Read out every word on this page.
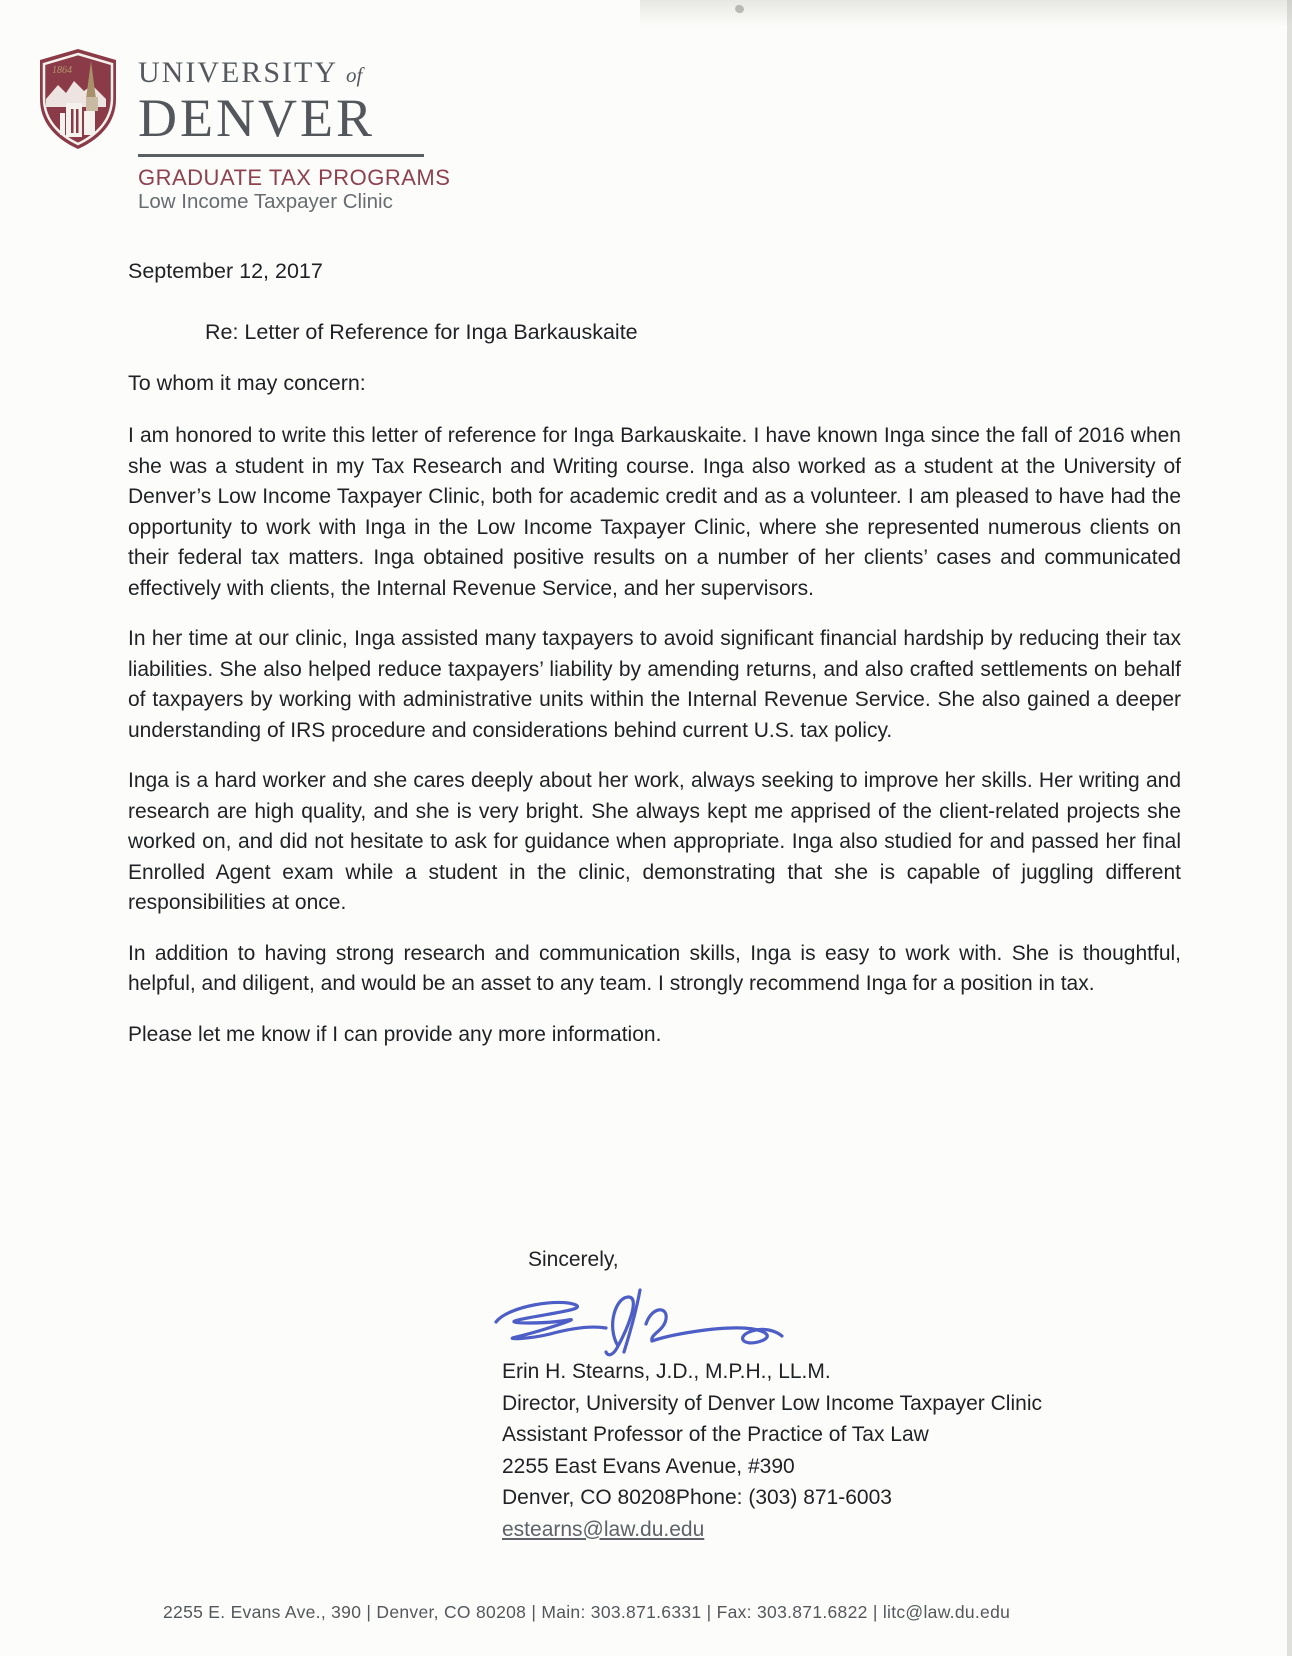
1864 UNIVERSITY  of
DENVER
GRADUATE TAX PROGRAMS
Low Income Taxpayer Clinic
September 12, 2017
Re: Letter of Reference for Inga Barkauskaite
To whom it may concern:

I am honored to write this letter of reference for Inga Barkauskaite. I have known Inga since the fall of 2016 when she was a student in my Tax Research and Writing course. Inga also worked as a student at the University of Denver’s Low Income Taxpayer Clinic, both for academic credit and as a volunteer. I am pleased to have had the opportunity to work with Inga in the Low Income Taxpayer Clinic, where she represented numerous clients on their federal tax matters. Inga obtained positive results on a number of her clients’ cases and communicated effectively with clients, the Internal Revenue Service, and her supervisors.

In her time at our clinic, Inga assisted many taxpayers to avoid significant financial hardship by reducing their tax liabilities. She also helped reduce taxpayers’ liability by amending returns, and also crafted settlements on behalf of taxpayers by working with administrative units within the Internal Revenue Service. She also gained a deeper understanding of IRS procedure and considerations behind current U.S. tax policy.

Inga is a hard worker and she cares deeply about her work, always seeking to improve her skills. Her writing and research are high quality, and she is very bright. She always kept me apprised of the client-related projects she worked on, and did not hesitate to ask for guidance when appropriate. Inga also studied for and passed her final Enrolled Agent exam while a student in the clinic, demonstrating that she is capable of juggling different responsibilities at once.

In addition to having strong research and communication skills, Inga is easy to work with. She is thoughtful, helpful, and diligent, and would be an asset to any team. I strongly recommend Inga for a position in tax.

Please let me know if I can provide any more information.

Sincerely,
Erin H. Stearns, J.D., M.P.H., LL.M.
Director, University of Denver Low Income Taxpayer Clinic
Assistant Professor of the Practice of Tax Law
2255 East Evans Avenue, #390
Denver, CO 80208Phone: (303) 871-6003
estearns@law.du.edu
2255 E. Evans Ave., 390 | Denver, CO 80208 | Main: 303.871.6331 | Fax: 303.871.6822 | litc@law.du.edu
